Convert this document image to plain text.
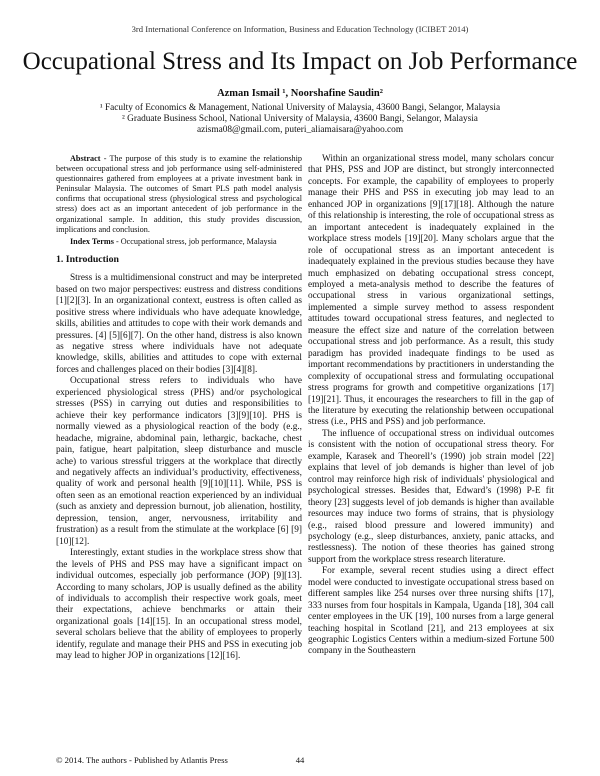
3rd International Conference on Information, Business and Education Technology (ICIBET 2014)
Occupational Stress and Its Impact on Job Performance
Azman Ismail ¹, Noorshafine Saudin²
¹ Faculty of Economics & Management, National University of Malaysia, 43600 Bangi, Selangor, Malaysia
² Graduate Business School, National University of Malaysia, 43600 Bangi, Selangor, Malaysia
azisma08@gmail.com, puteri_aliamaisara@yahoo.com

Abstract - The purpose of this study is to examine the relationship between occupational stress and job performance using self-administered questionnaires gathered from employees at a private investment bank in Peninsular Malaysia. The outcomes of Smart PLS path model analysis confirms that occupational stress (physiological stress and psychological stress) does act as an important antecedent of job performance in the organizational sample. In addition, this study provides discussion, implications and conclusion.

Index Terms - Occupational stress, job performance, Malaysia

1. Introduction

Stress is a multidimensional construct and may be interpreted based on two major perspectives: eustress and distress conditions [1][2][3]. In an organizational context, eustress is often called as positive stress where individuals who have adequate knowledge, skills, abilities and attitudes to cope with their work demands and pressures. [4] [5][6][7]. On the other hand, distress is also known as negative stress where individuals have not adequate knowledge, skills, abilities and attitudes to cope with external forces and challenges placed on their bodies [3][4][8].

Occupational stress refers to individuals who have experienced physiological stress (PHS) and/or psychological stresses (PSS) in carrying out duties and responsibilities to achieve their key performance indicators [3][9][10]. PHS is normally viewed as a physiological reaction of the body (e.g., headache, migraine, abdominal pain, lethargic, backache, chest pain, fatigue, heart palpitation, sleep disturbance and muscle ache) to various stressful triggers at the workplace that directly and negatively affects an individual’s productivity, effectiveness, quality of work and personal health [9][10][11]. While, PSS is often seen as an emotional reaction experienced by an individual (such as anxiety and depression burnout, job alienation, hostility, depression, tension, anger, nervousness, irritability and frustration) as a result from the stimulate at the workplace [6] [9][10][12].

Interestingly, extant studies in the workplace stress show that the levels of PHS and PSS may have a significant impact on individual outcomes, especially job performance (JOP) [9][13]. According to many scholars, JOP is usually defined as the ability of individuals to accomplish their respective work goals, meet their expectations, achieve benchmarks or attain their organizational goals [14][15]. In an occupational stress model, several scholars believe that the ability of employees to properly identify, regulate and manage their PHS and PSS in executing job may lead to higher JOP in organizations [12][16].

Within an organizational stress model, many scholars concur that PHS, PSS and JOP are distinct, but strongly interconnected concepts. For example, the capability of employees to properly manage their PHS and PSS in executing job may lead to an enhanced JOP in organizations [9][17][18]. Although the nature of this relationship is interesting, the role of occupational stress as an important antecedent is inadequately explained in the workplace stress models [19][20]. Many scholars argue that the role of occupational stress as an important antecedent is inadequately explained in the previous studies because they have much emphasized on debating occupational stress concept, employed a meta-analysis method to describe the features of occupational stress in various organizational settings, implemented a simple survey method to assess respondent attitudes toward occupational stress features, and neglected to measure the effect size and nature of the correlation between occupational stress and job performance. As a result, this study paradigm has provided inadequate findings to be used as important recommendations by practitioners in understanding the complexity of occupational stress and formulating occupational stress programs for growth and competitive organizations [17][19][21]. Thus, it encourages the researchers to fill in the gap of the literature by executing the relationship between occupational stress (i.e., PHS and PSS) and job performance.

The influence of occupational stress on individual outcomes is consistent with the notion of occupational stress theory. For example, Karasek and Theorell’s (1990) job strain model [22] explains that level of job demands is higher than level of job control may reinforce high risk of individuals' physiological and psychological stresses. Besides that, Edward’s (1998) P-E fit theory [23] suggests level of job demands is higher than available resources may induce two forms of strains, that is physiology (e.g., raised blood pressure and lowered immunity) and psychology (e.g., sleep disturbances, anxiety, panic attacks, and restlessness). The notion of these theories has gained strong support from the workplace stress research literature.

For example, several recent studies using a direct effect model were conducted to investigate occupational stress based on different samples like 254 nurses over three nursing shifts [17], 333 nurses from four hospitals in Kampala, Uganda [18], 304 call center employees in the UK [19], 100 nurses from a large general teaching hospital in Scotland [21], and 213 employees at six geographic Logistics Centers within a medium-sized Fortune 500 company in the Southeastern

© 2014. The authors - Published by Atlantis Press	44
